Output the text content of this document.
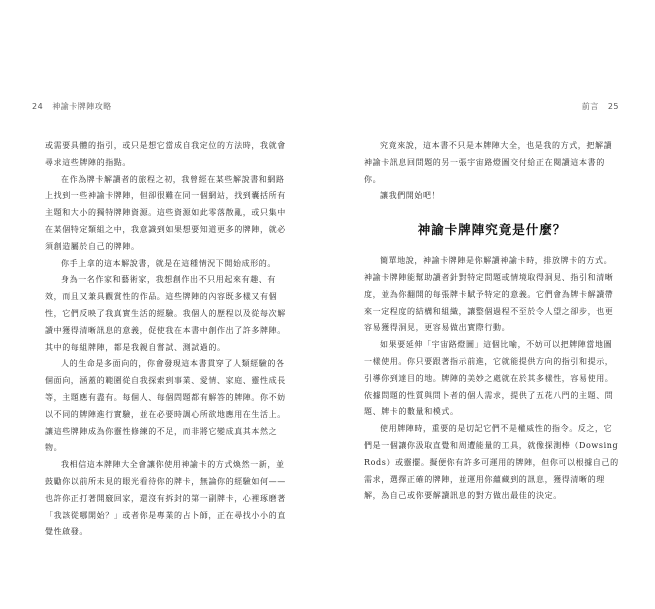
24 神諭卡牌陣攻略

或需要具體的指引，或只是想它當成自我定位的方法時，我就會尋求這些牌陣的指點。

在作為牌卡解讀者的旅程之初，我曾經在某些解說書和網路上找到一些神諭卡牌陣，但卻很難在同一個網站，找到囊括所有主題和大小的獨特牌陣資源。這些資源如此零落散亂，或只集中在某個特定類組之中，我意識到如果想要知道更多的牌陣，就必須創造屬於自己的牌陣。

你手上拿的這本解說書，就是在這種情況下開始成形的。

身為一名作家和藝術家，我想創作出不只用起來有趣、有效，而且又兼具觀賞性的作品。這些牌陣的內容既多樣又有個性，它們反映了我真實生活的經驗。我個人的歷程以及從每次解讀中獲得清晰訊息的意義，促使我在本書中創作出了許多牌陣。其中的每組牌陣，都是我親自嘗試、測試過的。

人的生命是多面向的，你會發現這本書貫穿了人類經驗的各個面向，涵蓋的範圍從自我探索到事業、愛情、家庭、靈性成長等，主題應有盡有。每個人、每個問題都有解答的牌陣。你不妨以不同的牌陣進行實驗，並在必要時調心所欲地應用在生活上。讓這些牌陣成為你靈性修練的不足，而非將它變成真其本然之物。

我相信這本牌陣大全會讓你使用神諭卡的方式煥然一新，並鼓勵你以前所未見的眼光看待你的牌卡，無論你的經驗如何——也許你正打著開竅回家，還沒有拆封的第一副牌卡，心裡琢磨著「我該從哪開始？」或者你是專業的占卜師，正在尋找小小的直覺性啟發。

前言 25

究竟來說，這本書不只是本牌陣大全，也是我的方式，把解讀神諭卡訊息回問題的另一張宇宙路燈圖交付給正在閱讀這本書的你。

讓我們開始吧！

神諭卡牌陣究竟是什麼？

簡單地說，神諭卡牌陣是你解讀神諭卡時，排放牌卡的方式。神諭卡牌陣能幫助讀者針對特定問題或情境取得洞見、指引和清晰度，並為你翻開的每張牌卡賦予特定的意義。它們會為牌卡解讀帶來一定程度的結構和組織，讓整個過程不至於令人望之卻步，也更容易獲得洞見，更容易做出實際行動。

如果要延伸「宇宙路燈圖」這個比喻，不妨可以把牌陣當地圖一樣使用。你只要跟著指示前進，它就能提供方向的指引和提示，引導你到達目的地。牌陣的美妙之處就在於其多樣性，容易使用。依據問題的性質與問卜者的個人需求，提供了五花八門的主題、問題、牌卡的數量和模式。

使用牌陣時，重要的是切記它們不是權威性的指令。反之，它們是一個讓你汲取直覺和周遭能量的工具，就像探測棒（Dowsing Rods）或靈擺。擬便你有許多可運用的牌陣，但你可以根據自己的需求，選擇正確的牌陣，並運用你蘊藏到的訊息，獲得清晰的理解，為自己或你要解讀訊息的對方做出最佳的決定。
